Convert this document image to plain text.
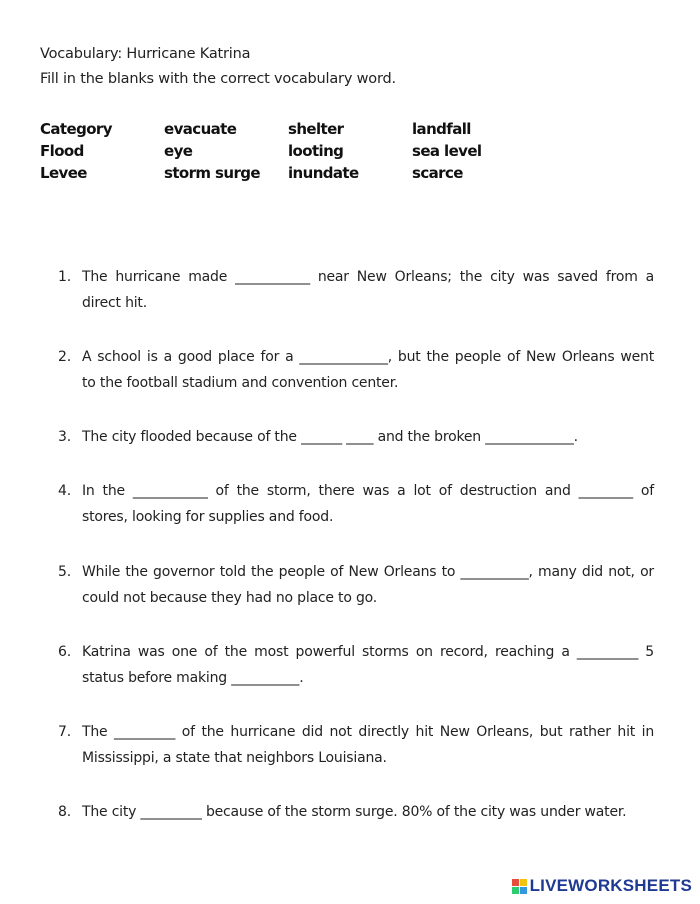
Vocabulary: Hurricane Katrina
Fill in the blanks with the correct vocabulary word.
Category	evacuate	shelter	landfall
Flood	eye	looting	sea level
Levee	storm surge	inundate	scarce
1. The hurricane made ___________ near New Orleans; the city was saved from a
direct hit.
2. A school is a good place for a _____________, but the people of New Orleans went
to the football stadium and convention center.
3. The city flooded because of the ______ ____ and the broken _____________.
4. In the ___________ of the storm, there was a lot of destruction and ________ of
stores, looking for supplies and food.
5. While the governor told the people of New Orleans to __________, many did not, or
could not because they had no place to go.
6. Katrina was one of the most powerful storms on record, reaching a _________ 5
status before making __________.
7. The _________ of the hurricane did not directly hit New Orleans, but rather hit in
Mississippi, a state that neighbors Louisiana.
8. The city _________ because of the storm surge. 80% of the city was under water.
LIVEWORKSHEETS
